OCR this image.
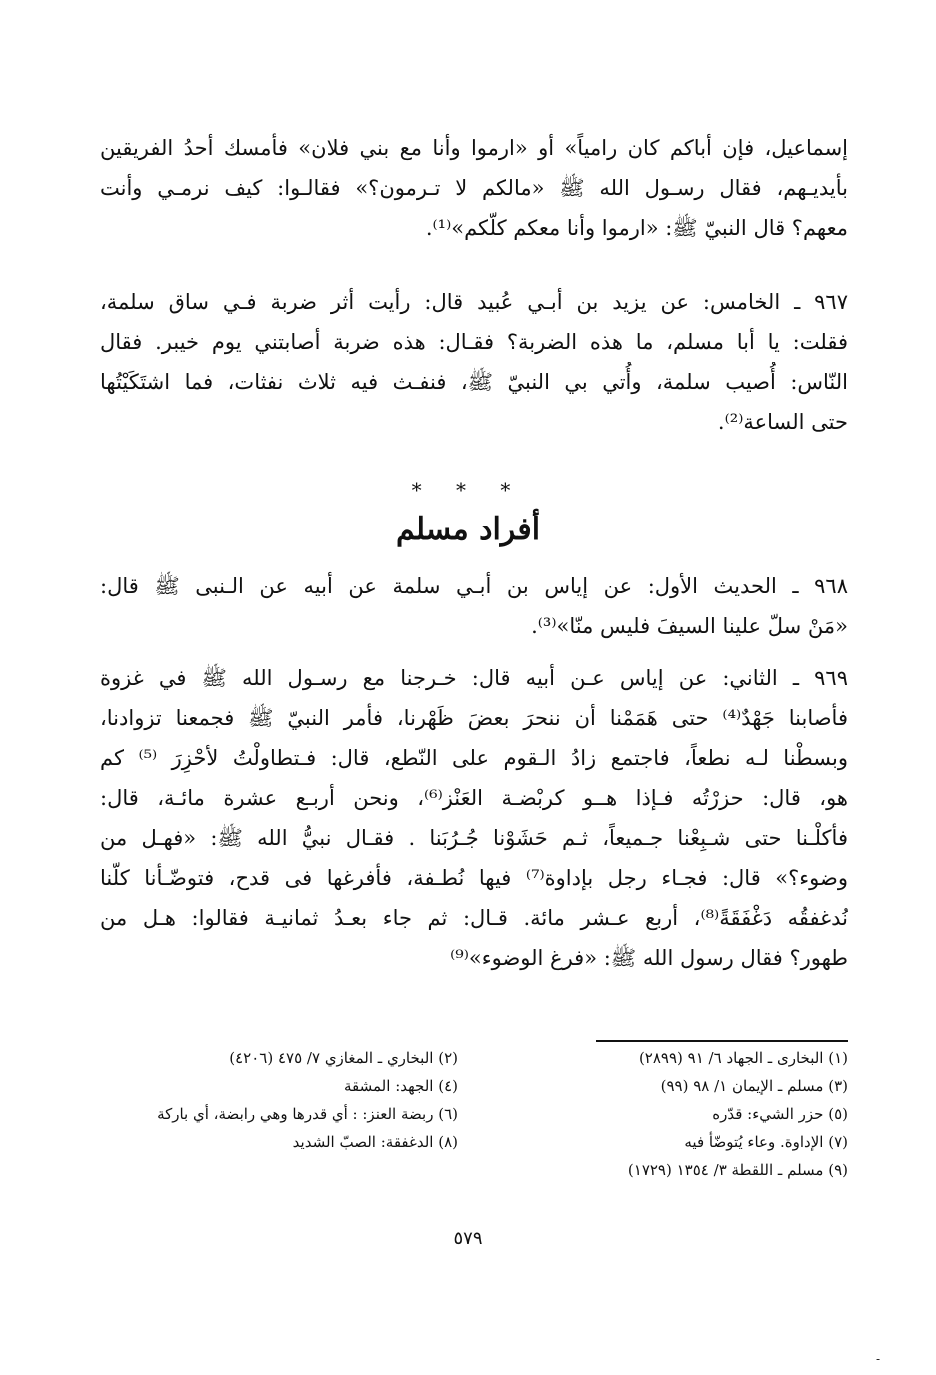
إسماعيل، فإن أباكم كان رامياً» أو «ارموا وأنا مع بني فلان» فأمسك أحدُ الفريقين
بأيديـهم، فقال رسـول الله ﷺ «مالكم لا تـرمون؟» فقالـوا: كيف نرمـي وأنت
معهم؟ قال النبيّ ﷺ: «ارموا وأنا معكم كلّكم»⁽¹⁾.
٩٦٧ ـ الخامس: عن يزيد بن أبـي عُبيد قال: رأيت أثر ضربة فـي ساق سلمة،
فقلت: يا أبا مسلم، ما هذه الضربة؟ فقـال: هذه ضربة أصابتني يوم خيبر. فقال
النّاس: أُصيب سلمة، وأُتي بي النبيّ ﷺ، فنفـث فيه ثلاث نفثات، فما اشتَكَيْتُها
حتى الساعة⁽²⁾.
* * *
أفراد مسلم
٩٦٨ ـ الحديث الأول: عن إياس بن أبـي سلمة عن أبيه عن الـنبى ﷺ قال:
«مَنْ سلّ علينا السيفَ فليس منّا»⁽³⁾.
٩٦٩ ـ الثاني: عن إياس عـن أبيه قال: خـرجنا مع رسـول الله ﷺ في غزوة
فأصابنا جَهْدٌ⁽⁴⁾ حتى هَمَمْنا أن ننحرَ بعضَ ظَهْرنا، فأمر النبيّ ﷺ فجمعنا تزوادنا،
وبسطْنا لـه نطعاً، فاجتمع زادُ الـقوم على النّطع، قال: فـتطاولْتُ لأحْزِرَ ⁽⁵⁾ كم
هو، قال: حزرْتُه فـإذا هــو كربْضـة العَنْز⁽⁶⁾، ونحن أربـع عشرة مائـة، قال:
فأكلْـنا حتى شـبِعْنا جـميعاً، ثـم حَشَوْنا جُـرُبَنا . فقـال نبيُّ الله ﷺ: «فهـل من
وضوء؟» قال: فجـاء رجل بإداوة⁽⁷⁾ فيها نُطـفة، فأفرغها فى قدح، فتوضّـأنا كلّنا
نُدغفقُه دَغْفَقَةً⁽⁸⁾، أربع عـشر مائة. قـال: ثم جاء بعـدُ ثمانيـة فقالوا: هـل من
طهور؟ فقال رسول الله ﷺ: «فرغ الوضوء»⁽⁹⁾
(١) البخارى ـ الجهاد ٦/ ٩١ (٢٨٩٩)
(٣) مسلم ـ الإيمان ١/ ٩٨ (٩٩)
(٥) حزر الشيء: قدّره
(٧) الإداوة. وعاء يُتوضّأ فيه
(٩) مسلم ـ اللقطة ٣/ ١٣٥٤ (١٧٢٩)
(٢) البخاري ـ المغازي ٧/ ٤٧٥ (٤٢٠٦)
(٤) الجهد: المشقة
(٦) ربضة العنز: : أي قدرها وهي رابضة، أي باركة
(٨) الدغفقة: الصبّ الشديد
٥٧٩
-
